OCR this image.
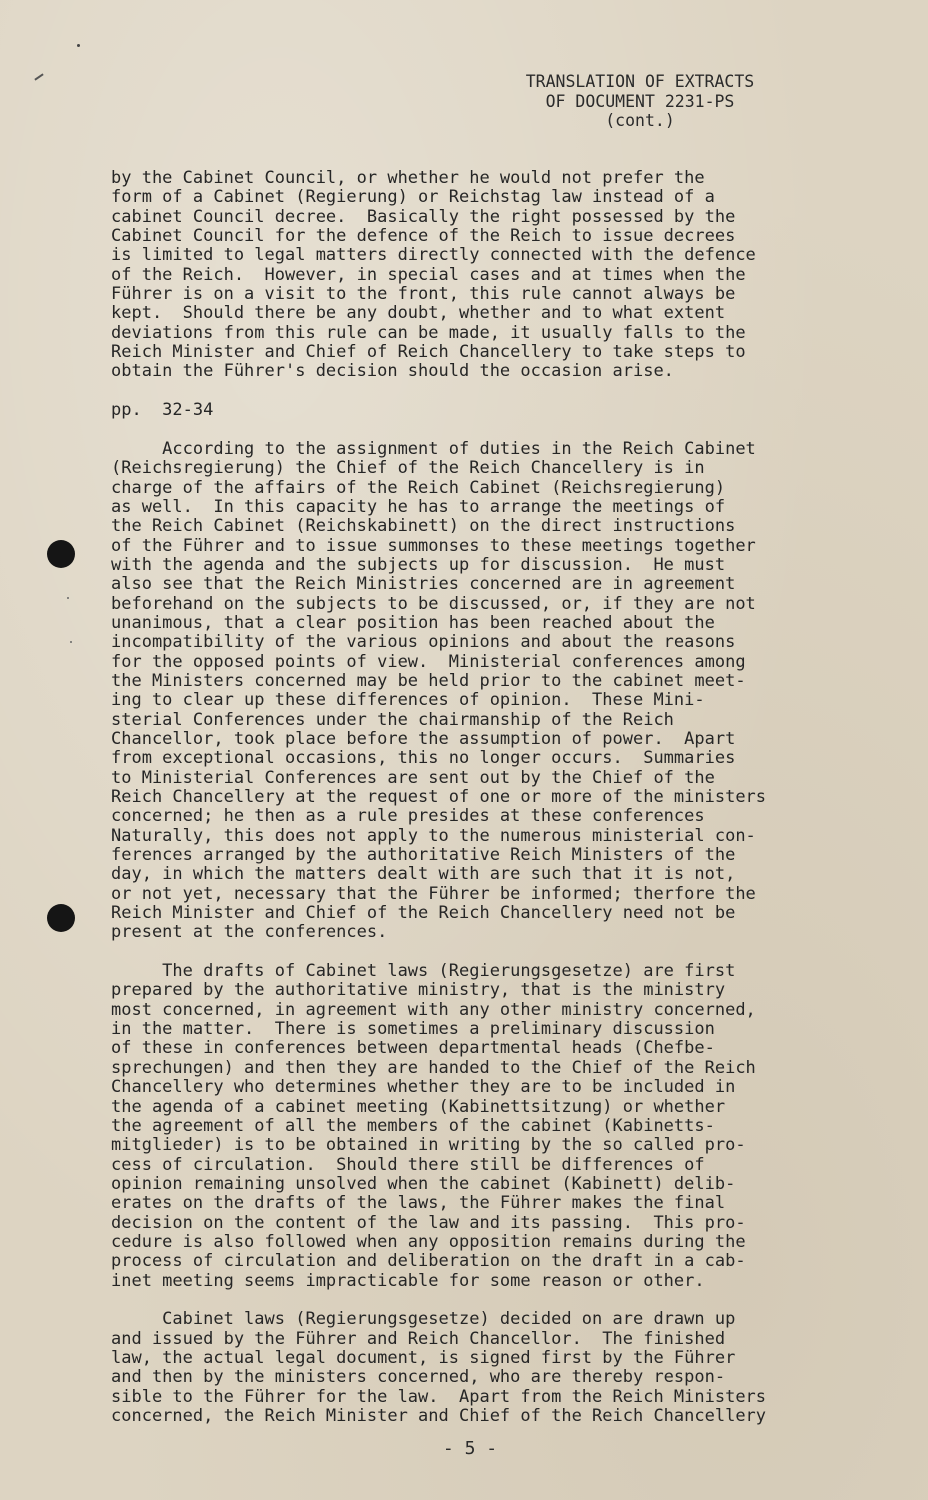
TRANSLATION OF EXTRACTS
OF DOCUMENT 2231-PS
(cont.)
by the Cabinet Council, or whether he would not prefer the
form of a Cabinet (Regierung) or Reichstag law instead of a
cabinet Council decree.  Basically the right possessed by the
Cabinet Council for the defence of the Reich to issue decrees
is limited to legal matters directly connected with the defence
of the Reich.  However, in special cases and at times when the
Führer is on a visit to the front, this rule cannot always be
kept.  Should there be any doubt, whether and to what extent
deviations from this rule can be made, it usually falls to the
Reich Minister and Chief of Reich Chancellery to take steps to
obtain the Führer's decision should the occasion arise.
pp.  32-34
According to the assignment of duties in the Reich Cabinet
(Reichsregierung) the Chief of the Reich Chancellery is in
charge of the affairs of the Reich Cabinet (Reichsregierung)
as well.  In this capacity he has to arrange the meetings of
the Reich Cabinet (Reichskabinett) on the direct instructions
of the Führer and to issue summonses to these meetings together
with the agenda and the subjects up for discussion.  He must
also see that the Reich Ministries concerned are in agreement
beforehand on the subjects to be discussed, or, if they are not
unanimous, that a clear position has been reached about the
incompatibility of the various opinions and about the reasons
for the opposed points of view.  Ministerial conferences among
the Ministers concerned may be held prior to the cabinet meet-
ing to clear up these differences of opinion.  These Mini-
sterial Conferences under the chairmanship of the Reich
Chancellor, took place before the assumption of power.  Apart
from exceptional occasions, this no longer occurs.  Summaries
to Ministerial Conferences are sent out by the Chief of the
Reich Chancellery at the request of one or more of the ministers
concerned; he then as a rule presides at these conferences
Naturally, this does not apply to the numerous ministerial con-
ferences arranged by the authoritative Reich Ministers of the
day, in which the matters dealt with are such that it is not,
or not yet, necessary that the Führer be informed; therfore the
Reich Minister and Chief of the Reich Chancellery need not be
present at the conferences.
The drafts of Cabinet laws (Regierungsgesetze) are first
prepared by the authoritative ministry, that is the ministry
most concerned, in agreement with any other ministry concerned,
in the matter.  There is sometimes a preliminary discussion
of these in conferences between departmental heads (Chefbe-
sprechungen) and then they are handed to the Chief of the Reich
Chancellery who determines whether they are to be included in
the agenda of a cabinet meeting (Kabinettsitzung) or whether
the agreement of all the members of the cabinet (Kabinetts-
mitglieder) is to be obtained in writing by the so called pro-
cess of circulation.  Should there still be differences of
opinion remaining unsolved when the cabinet (Kabinett) delib-
erates on the drafts of the laws, the Führer makes the final
decision on the content of the law and its passing.  This pro-
cedure is also followed when any opposition remains during the
process of circulation and deliberation on the draft in a cab-
inet meeting seems impracticable for some reason or other.
Cabinet laws (Regierungsgesetze) decided on are drawn up
and issued by the Führer and Reich Chancellor.  The finished
law, the actual legal document, is signed first by the Führer
and then by the ministers concerned, who are thereby respon-
sible to the Führer for the law.  Apart from the Reich Ministers
concerned, the Reich Minister and Chief of the Reich Chancellery
- 5 -
